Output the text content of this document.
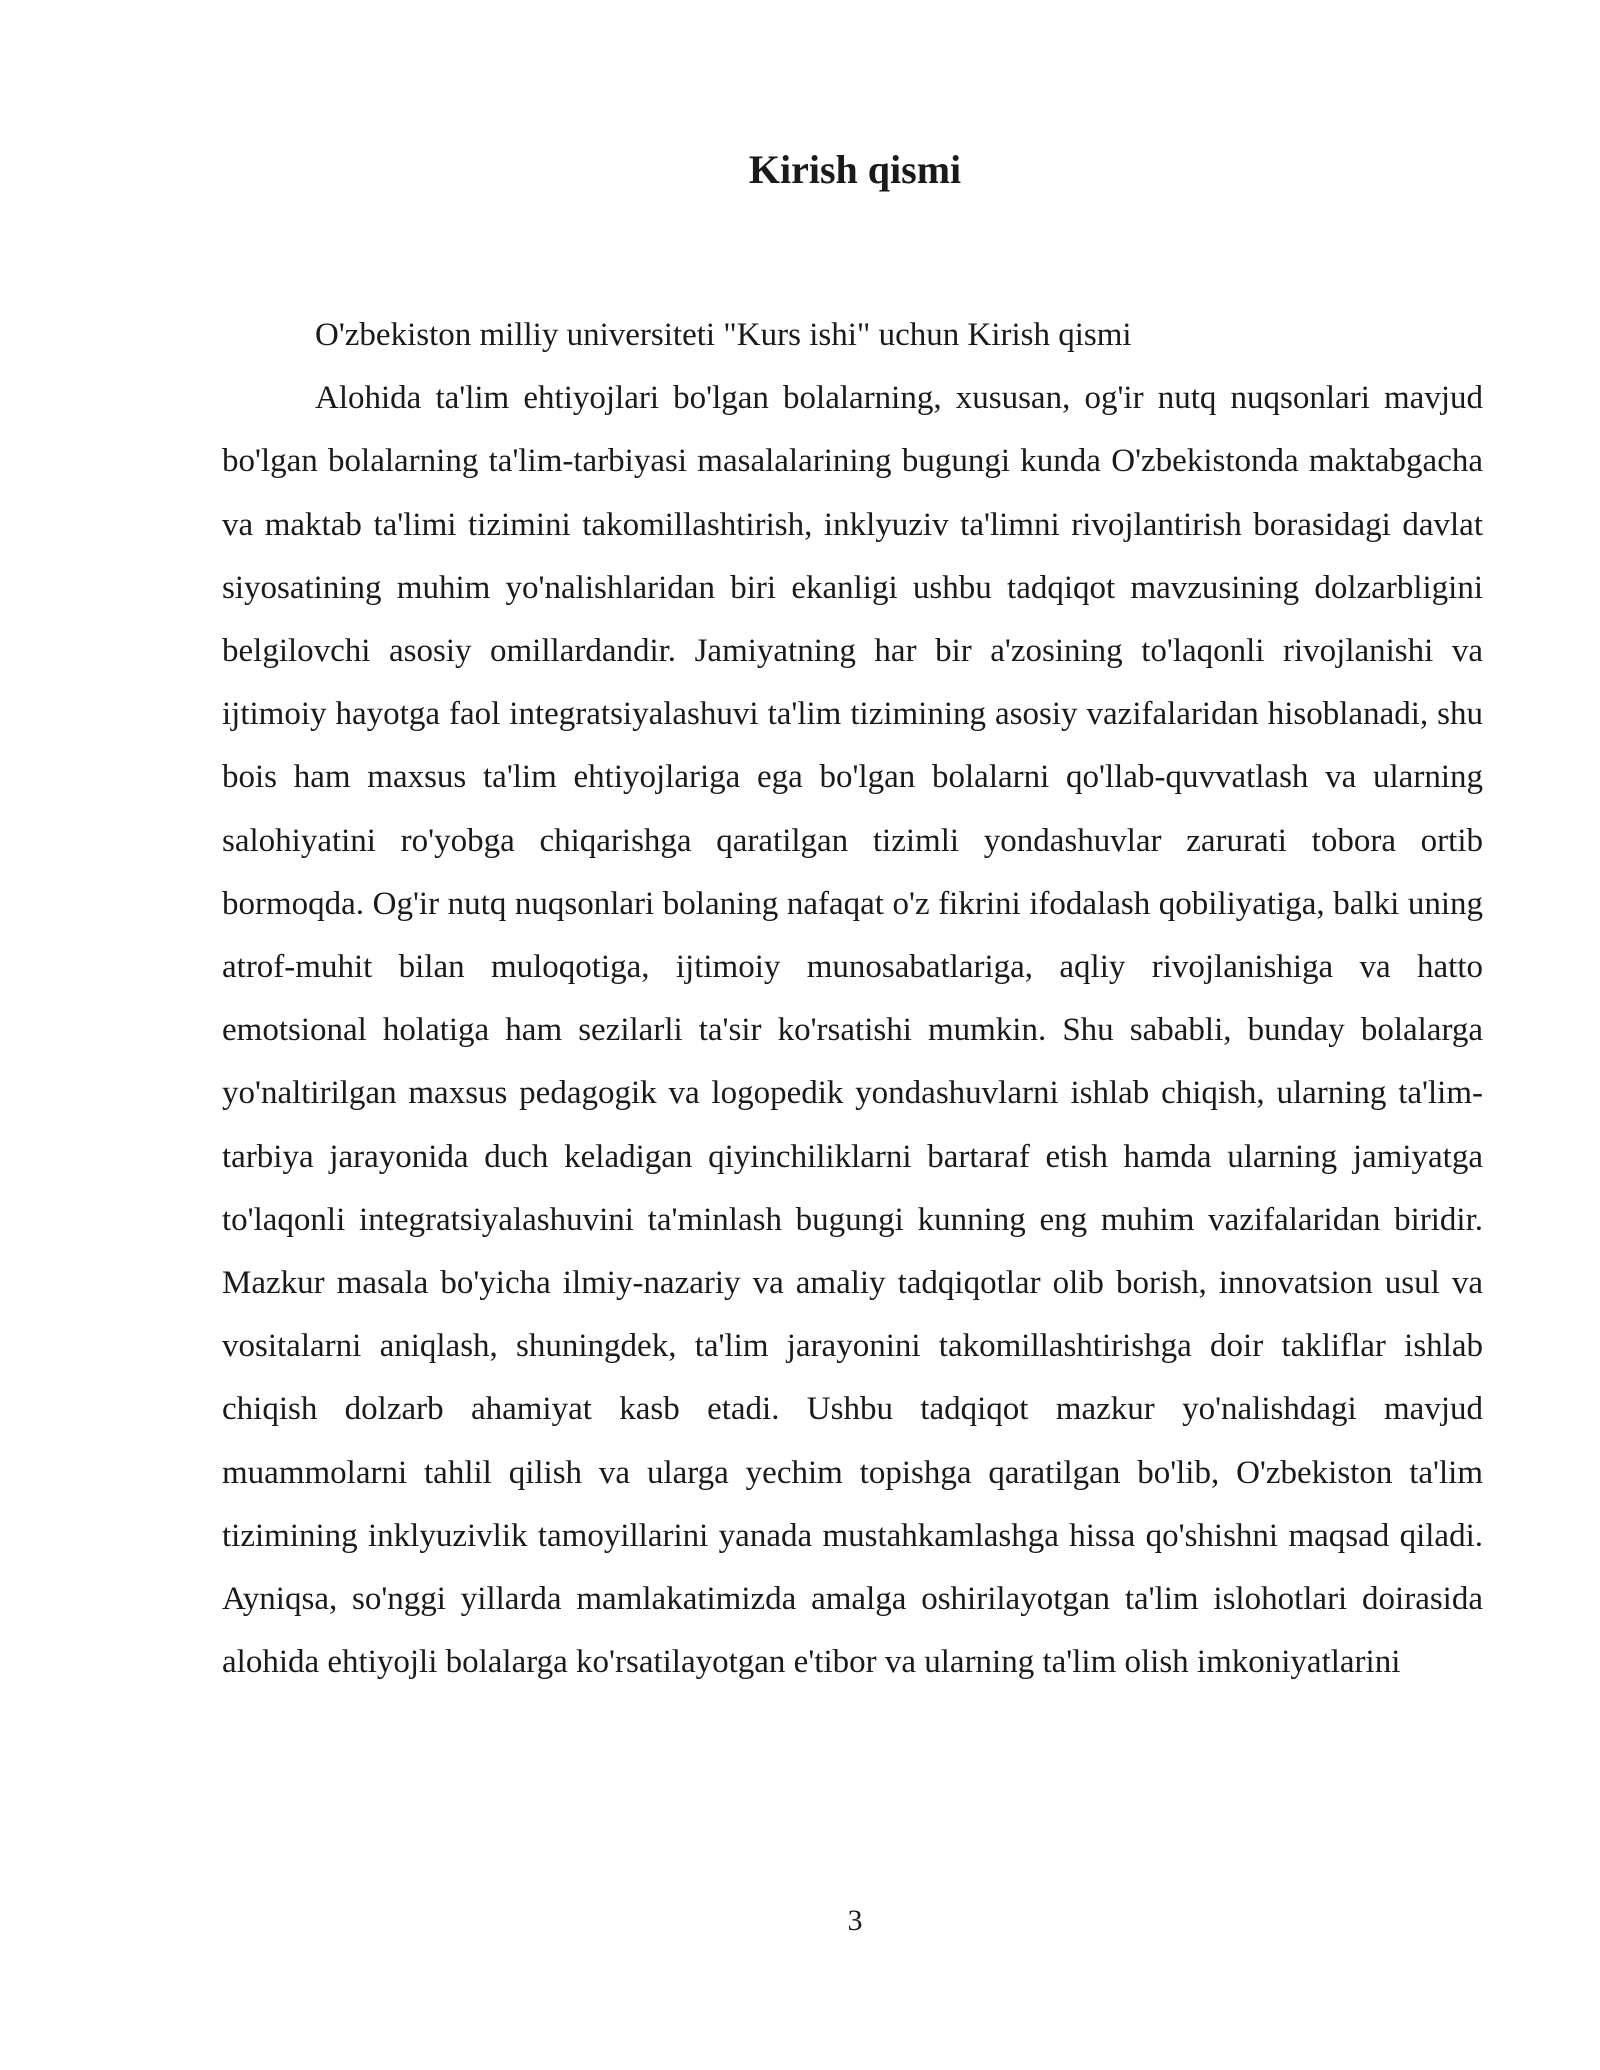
Kirish qismi

O'zbekiston milliy universiteti "Kurs ishi" uchun Kirish qismi

Alohida ta'lim ehtiyojlari bo'lgan bolalarning, xususan, og'ir nutq nuqsonlari mavjud bo'lgan bolalarning ta'lim-tarbiyasi masalalarining bugungi kunda O'zbekistonda maktabgacha va maktab ta'limi tizimini takomillashtirish, inklyuziv ta'limni rivojlantirish borasidagi davlat siyosatining muhim yo'nalishlaridan biri ekanligi ushbu tadqiqot mavzusining dolzarbligini belgilovchi asosiy omillardandir. Jamiyatning har bir a'zosining to'laqonli rivojlanishi va ijtimoiy hayotga faol integratsiyalashuvi ta'lim tizimining asosiy vazifalaridan hisoblanadi, shu bois ham maxsus ta'lim ehtiyojlariga ega bo'lgan bolalarni qo'llab-quvvatlash va ularning salohiyatini ro'yobga chiqarishga qaratilgan tizimli yondashuvlar zarurati tobora ortib bormoqda. Og'ir nutq nuqsonlari bolaning nafaqat o'z fikrini ifodalash qobiliyatiga, balki uning atrof-muhit bilan muloqotiga, ijtimoiy munosabatlariga, aqliy rivojlanishiga va hatto emotsional holatiga ham sezilarli ta'sir ko'rsatishi mumkin. Shu sababli, bunday bolalarga yo'naltirilgan maxsus pedagogik va logopedik yondashuvlarni ishlab chiqish, ularning ta'lim-tarbiya jarayonida duch keladigan qiyinchiliklarni bartaraf etish hamda ularning jamiyatga to'laqonli integratsiyalashuvini ta'minlash bugungi kunning eng muhim vazifalaridan biridir. Mazkur masala bo'yicha ilmiy-nazariy va amaliy tadqiqotlar olib borish, innovatsion usul va vositalarni aniqlash, shuningdek, ta'lim jarayonini takomillashtirishga doir takliflar ishlab chiqish dolzarb ahamiyat kasb etadi. Ushbu tadqiqot mazkur yo'nalishdagi mavjud muammolarni tahlil qilish va ularga yechim topishga qaratilgan bo'lib, O'zbekiston ta'lim tizimining inklyuzivlik tamoyillarini yanada mustahkamlashga hissa qo'shishni maqsad qiladi. Ayniqsa, so'nggi yillarda mamlakatimizda amalga oshirilayotgan ta'lim islohotlari doirasida alohida ehtiyojli bolalarga ko'rsatilayotgan e'tibor va ularning ta'lim olish imkoniyatlarini

3
